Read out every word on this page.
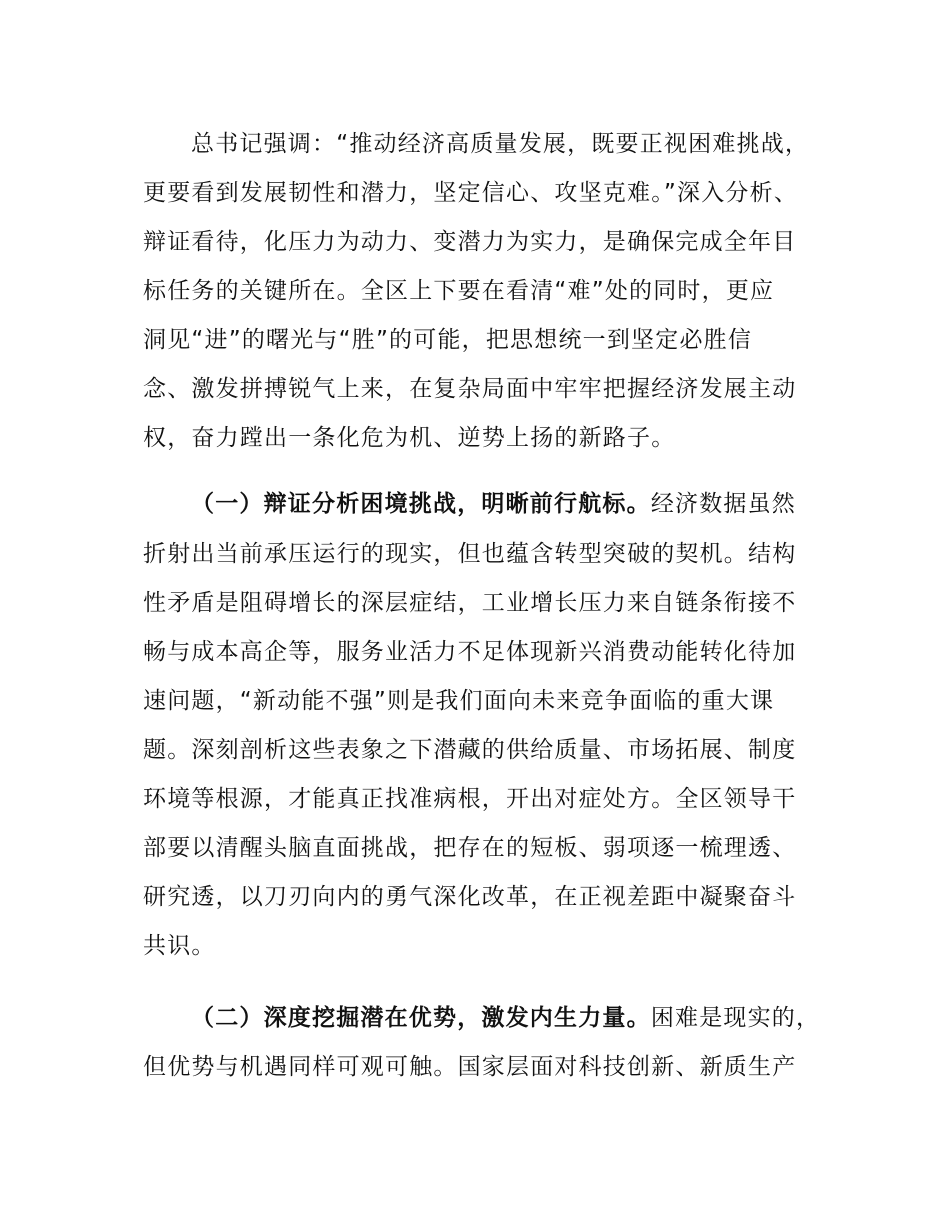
总书记强调：“推动经济高质量发展，既要正视困难挑战，
更要看到发展韧性和潜力，坚定信心、攻坚克难。”深入分析、
辩证看待，化压力为动力、变潜力为实力，是确保完成全年目
标任务的关键所在。全区上下要在看清“难”处的同时，更应
洞见“进”的曙光与“胜”的可能，把思想统一到坚定必胜信
念、激发拼搏锐气上来，在复杂局面中牢牢把握经济发展主动
权，奋力蹚出一条化危为机、逆势上扬的新路子。
（一）辩证分析困境挑战，明晰前行航标。经济数据虽然
折射出当前承压运行的现实，但也蕴含转型突破的契机。结构
性矛盾是阻碍增长的深层症结，工业增长压力来自链条衔接不
畅与成本高企等，服务业活力不足体现新兴消费动能转化待加
速问题，“新动能不强”则是我们面向未来竞争面临的重大课
题。深刻剖析这些表象之下潜藏的供给质量、市场拓展、制度
环境等根源，才能真正找准病根，开出对症处方。全区领导干
部要以清醒头脑直面挑战，把存在的短板、弱项逐一梳理透、
研究透，以刀刃向内的勇气深化改革，在正视差距中凝聚奋斗
共识。
（二）深度挖掘潜在优势，激发内生力量。困难是现实的，
但优势与机遇同样可观可触。国家层面对科技创新、新质生产
